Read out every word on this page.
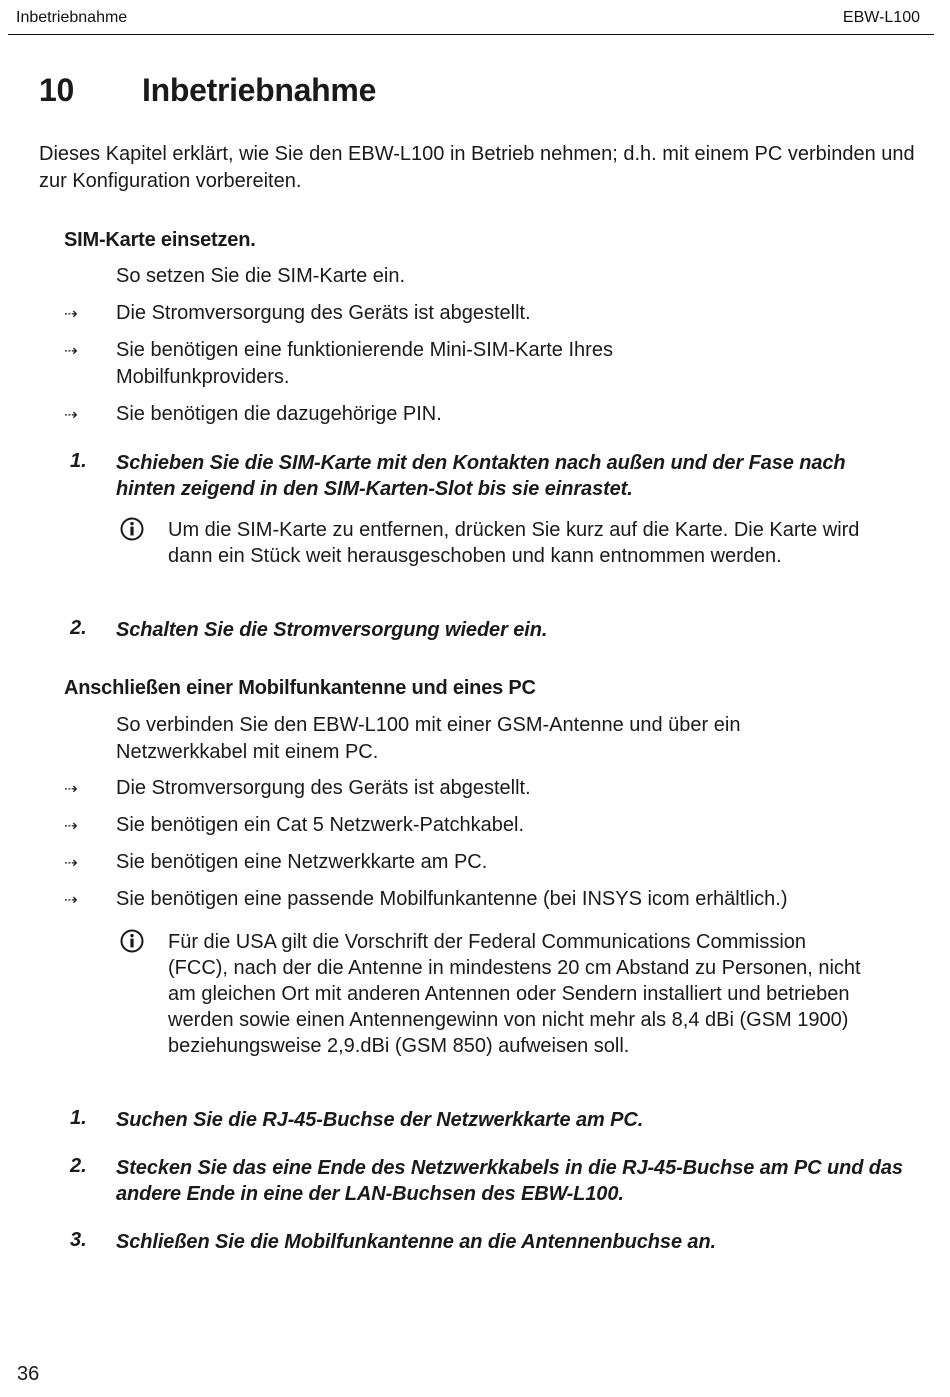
Inbetriebnahme	EBW-L100
10 Inbetriebnahme
Dieses Kapitel erklärt, wie Sie den EBW-L100 in Betrieb nehmen; d.h. mit einem PC verbinden und zur Konfiguration vorbereiten.
SIM-Karte einsetzen.
So setzen Sie die SIM-Karte ein.
⇢ Die Stromversorgung des Geräts ist abgestellt.
⇢ Sie benötigen eine funktionierende Mini-SIM-Karte Ihres Mobilfunkproviders.
⇢ Sie benötigen die dazugehörige PIN.
1. Schieben Sie die SIM-Karte mit den Kontakten nach außen und der Fase nach hinten zeigend in den SIM-Karten-Slot bis sie einrastet.
Um die SIM-Karte zu entfernen, drücken Sie kurz auf die Karte. Die Karte wird dann ein Stück weit herausgeschoben und kann entnommen werden.
2. Schalten Sie die Stromversorgung wieder ein.
Anschließen einer Mobilfunkantenne und eines PC
So verbinden Sie den EBW-L100 mit einer GSM-Antenne und über ein Netzwerkkabel mit einem PC.
⇢ Die Stromversorgung des Geräts ist abgestellt.
⇢ Sie benötigen ein Cat 5 Netzwerk-Patchkabel.
⇢ Sie benötigen eine Netzwerkkarte am PC.
⇢ Sie benötigen eine passende Mobilfunkantenne (bei INSYS icom erhältlich.)
Für die USA gilt die Vorschrift der Federal Communications Commission (FCC), nach der die Antenne in mindestens 20 cm Abstand zu Personen, nicht am gleichen Ort mit anderen Antennen oder Sendern installiert und betrieben werden sowie einen Antennengewinn von nicht mehr als 8,4 dBi (GSM 1900) beziehungsweise 2,9.dBi (GSM 850) aufweisen soll.
1. Suchen Sie die RJ-45-Buchse der Netzwerkkarte am PC.
2. Stecken Sie das eine Ende des Netzwerkkabels in die RJ-45-Buchse am PC und das andere Ende in eine der LAN-Buchsen des EBW-L100.
3. Schließen Sie die Mobilfunkantenne an die Antennenbuchse an.
36
